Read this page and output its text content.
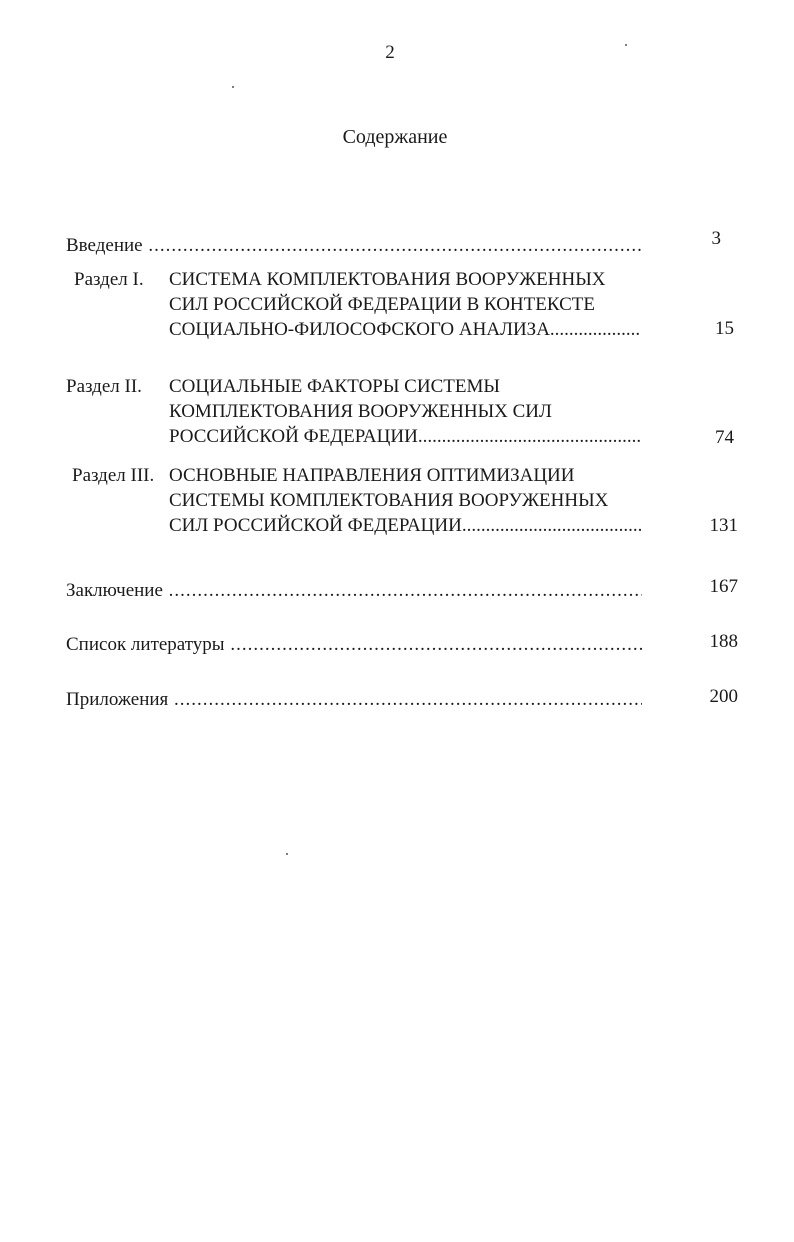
2
Содержание
Введение .....	3
Раздел I. СИСТЕМА КОМПЛЕКТОВАНИЯ ВООРУЖЕННЫХ
СИЛ РОССИЙСКОЙ ФЕДЕРАЦИИ В КОНТЕКСТЕ
СОЦИАЛЬНО-ФИЛОСОФСКОГО АНАЛИЗА .....	15
Раздел II. СОЦИАЛЬНЫЕ ФАКТОРЫ СИСТЕМЫ
КОМПЛЕКТОВАНИЯ ВООРУЖЕННЫХ СИЛ
РОССИЙСКОЙ ФЕДЕРАЦИИ .....	74
Раздел III. ОСНОВНЫЕ НАПРАВЛЕНИЯ ОПТИМИЗАЦИИ
СИСТЕМЫ КОМПЛЕКТОВАНИЯ ВООРУЖЕННЫХ
СИЛ РОССИЙСКОЙ ФЕДЕРАЦИИ .....	131
Заключение .....	167
Список литературы .....	188
Приложения .....	200
